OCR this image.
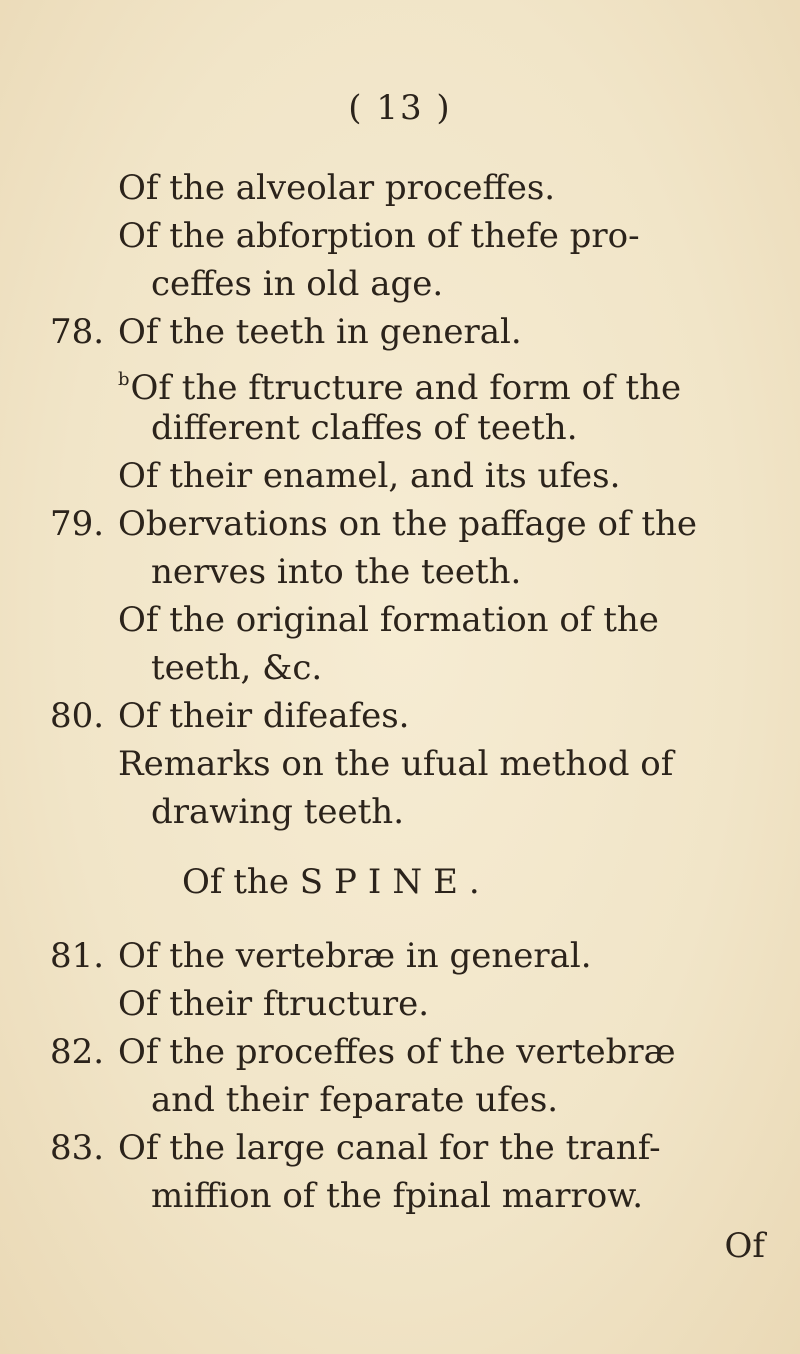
( 13 )
Of the alveolar proceffes.
Of the abforption of thefe pro-
ceffes in old age.
78. Of the teeth in general.
$^b$Of the ftructure and form of the
different claffes of teeth.
Of their enamel, and its ufes.
79. Obervations on the paffage of the
nerves into the teeth.
Of the original formation of the
teeth, &c.
80. Of their difeafes.
Remarks on the ufual method of
drawing teeth.
Of the SPINE.
81. Of the vertebræ in general.
Of their ftructure.
82. Of the proceffes of the vertebræ
and their feparate ufes.
83. Of the large canal for the tranf-
miffion of the fpinal marrow.
Of
